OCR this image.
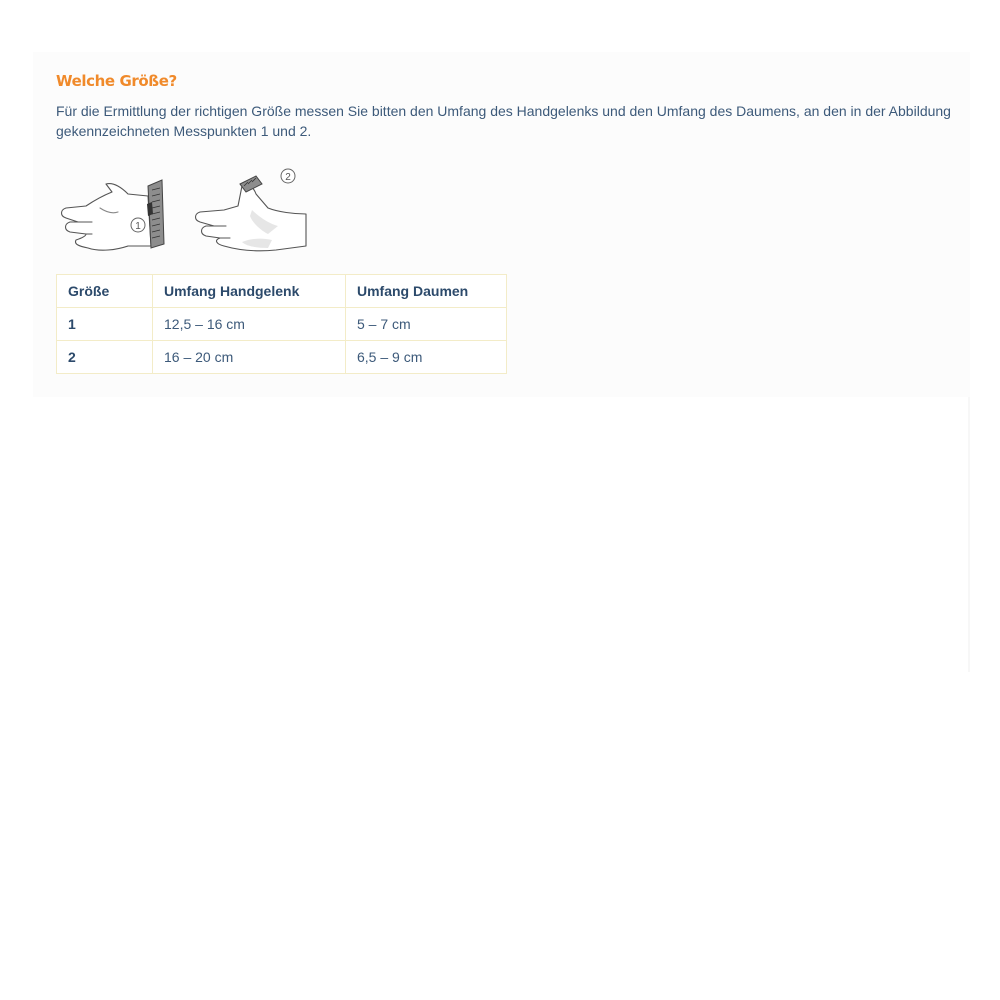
Welche Größe?

Für die Ermittlung der richtigen Größe messen Sie bitten den Umfang des Handgelenks und den Umfang des Daumens, an den in der Abbildung gekennzeichneten Messpunkten 1 und 2.

1
2
Größe	Umfang Handgelenk	Umfang Daumen
1	12,5 – 16 cm	5 – 7 cm
2	16 – 20 cm	6,5 – 9 cm
